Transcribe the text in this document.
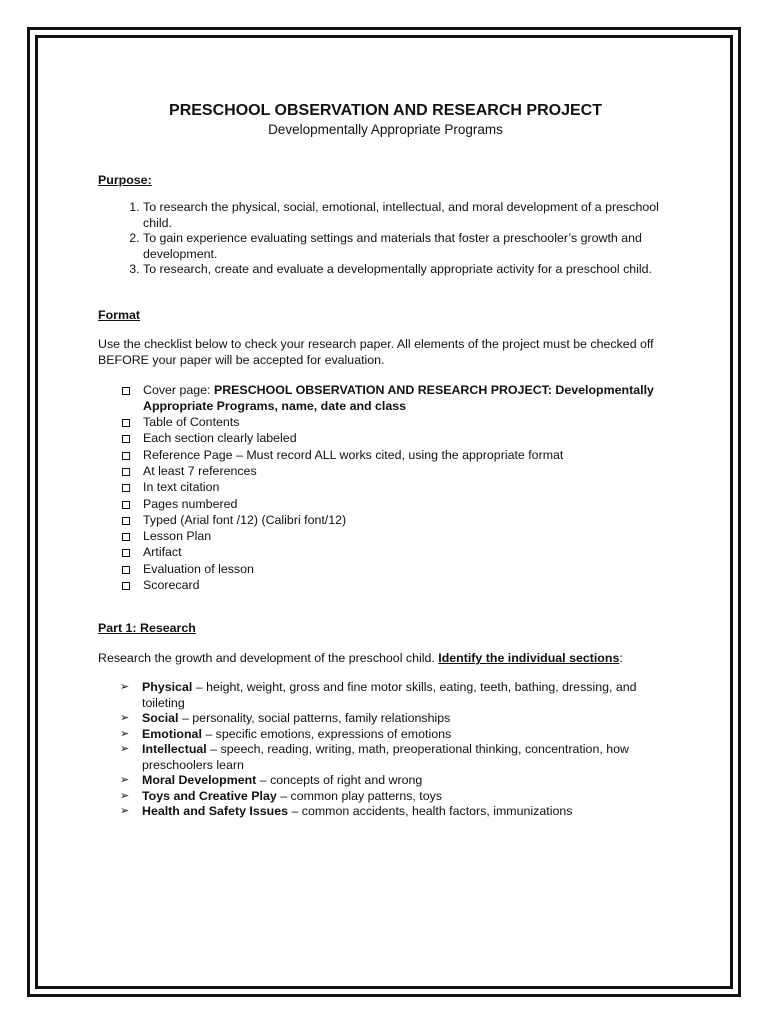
PRESCHOOL OBSERVATION AND RESEARCH PROJECT

Developmentally Appropriate Programs

Purpose:

1. To research the physical, social, emotional, intellectual, and moral development of a preschool child.
2. To gain experience evaluating settings and materials that foster a preschooler’s growth and development.
3. To research, create and evaluate a developmentally appropriate activity for a preschool child.

Format

Use the checklist below to check your research paper. All elements of the project must be checked off BEFORE your paper will be accepted for evaluation.

Cover page: PRESCHOOL OBSERVATION AND RESEARCH PROJECT: Developmentally Appropriate Programs, name, date and class
Table of Contents
Each section clearly labeled
Reference Page – Must record ALL works cited, using the appropriate format
At least 7 references
In text citation
Pages numbered
Typed (Arial font /12) (Calibri font/12)
Lesson Plan
Artifact
Evaluation of lesson
Scorecard

Part 1: Research

Research the growth and development of the preschool child. Identify the individual sections:

➢ Physical – height, weight, gross and fine motor skills, eating, teeth, bathing, dressing, and toileting
➢ Social – personality, social patterns, family relationships
➢ Emotional – specific emotions, expressions of emotions
➢ Intellectual – speech, reading, writing, math, preoperational thinking, concentration, how preschoolers learn
➢ Moral Development – concepts of right and wrong
➢ Toys and Creative Play – common play patterns, toys
➢ Health and Safety Issues – common accidents, health factors, immunizations
